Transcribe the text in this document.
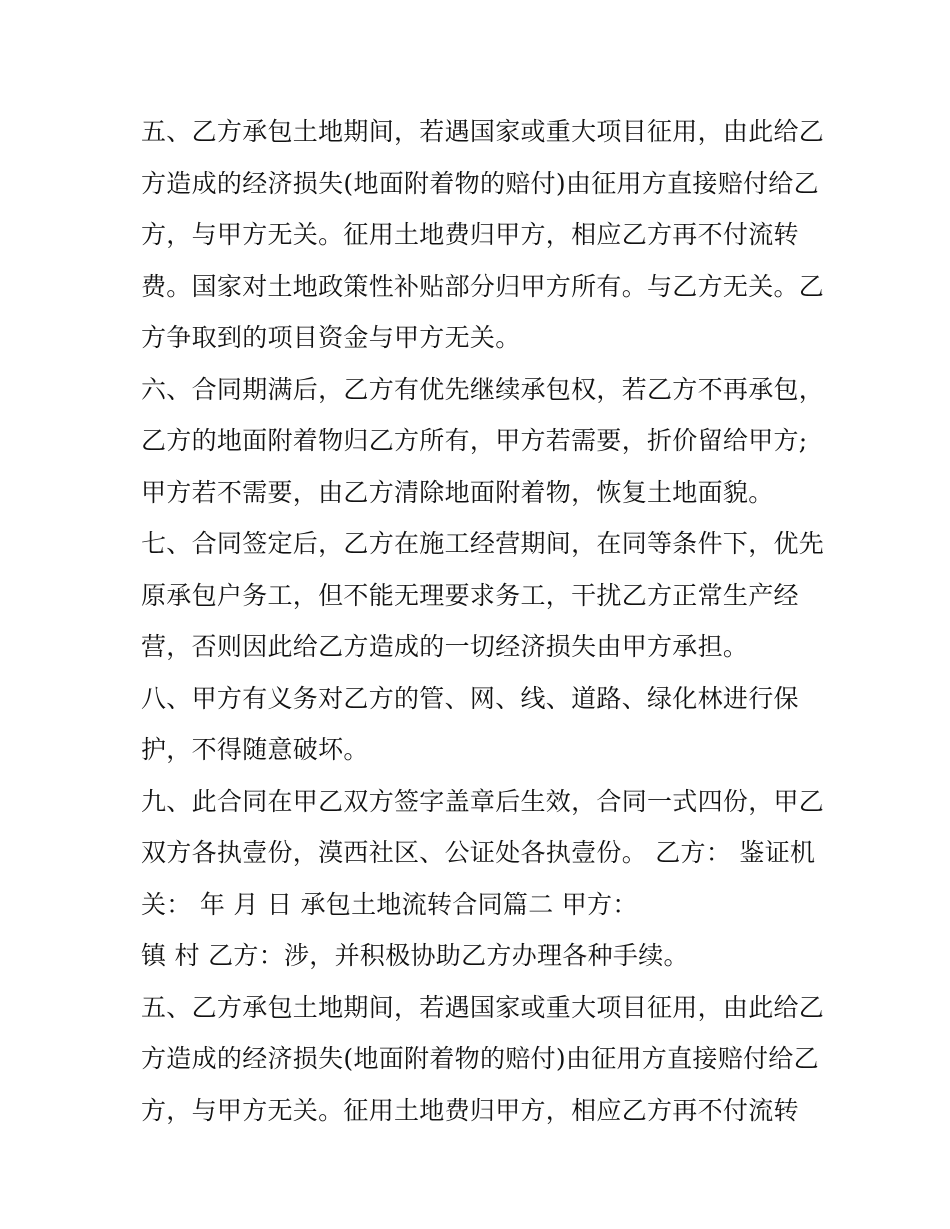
五、乙方承包土地期间，若遇国家或重大项目征用，由此给乙
方造成的经济损失(地面附着物的赔付)由征用方直接赔付给乙
方，与甲方无关。征用土地费归甲方，相应乙方再不付流转
费。国家对土地政策性补贴部分归甲方所有。与乙方无关。乙
方争取到的项目资金与甲方无关。
六、合同期满后，乙方有优先继续承包权，若乙方不再承包，
乙方的地面附着物归乙方所有，甲方若需要，折价留给甲方;
甲方若不需要，由乙方清除地面附着物，恢复土地面貌。
七、合同签定后，乙方在施工经营期间，在同等条件下，优先
原承包户务工，但不能无理要求务工，干扰乙方正常生产经
营，否则因此给乙方造成的一切经济损失由甲方承担。
八、甲方有义务对乙方的管、网、线、道路、绿化林进行保
护，不得随意破坏。
九、此合同在甲乙双方签字盖章后生效，合同一式四份，甲乙
双方各执壹份，漠西社区、公证处各执壹份。 乙方： 鉴证机
关： 年 月 日 承包土地流转合同篇二 甲方：
镇 村 乙方：涉，并积极协助乙方办理各种手续。
五、乙方承包土地期间，若遇国家或重大项目征用，由此给乙
方造成的经济损失(地面附着物的赔付)由征用方直接赔付给乙
方，与甲方无关。征用土地费归甲方，相应乙方再不付流转
